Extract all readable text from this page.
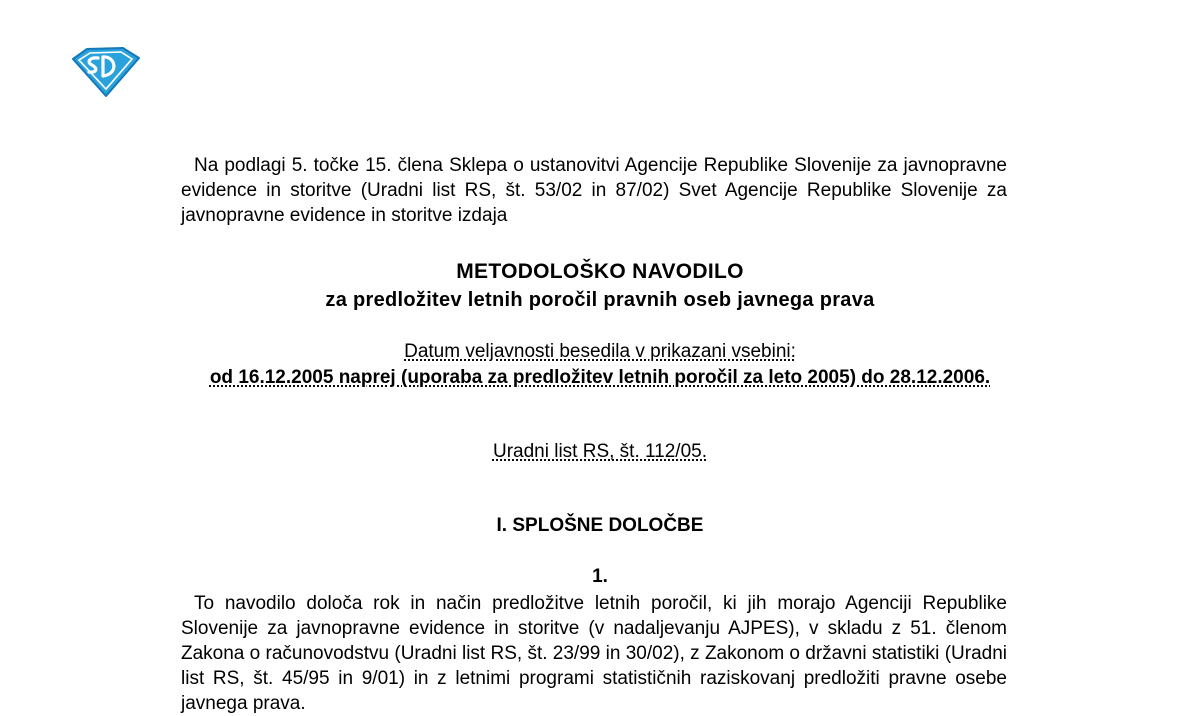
Na podlagi 5. točke 15. člena Sklepa o ustanovitvi Agencije Republike Slovenije za javnopravne evidence in storitve (Uradni list RS, št. 53/02 in 87/02) Svet Agencije Republike Slovenije za javnopravne evidence in storitve izdaja

METODOLOŠKO NAVODILO
za predložitev letnih poročil pravnih oseb javnega prava
Datum veljavnosti besedila v prikazani vsebini:
od 16.12.2005 naprej (uporaba za predložitev letnih poročil za leto 2005) do 28.12.2006.
Uradni list RS, št. 112/05.
I. SPLOŠNE DOLOČBE
1.

To navodilo določa rok in način predložitve letnih poročil, ki jih morajo Agenciji Republike Slovenije za javnopravne evidence in storitve (v nadaljevanju AJPES), v skladu z 51. členom Zakona o računovodstvu (Uradni list RS, št. 23/99 in 30/02), z Zakonom o državni statistiki (Uradni list RS, št. 45/95 in 9/01) in z letnimi programi statističnih raziskovanj predložiti pravne osebe javnega prava.
